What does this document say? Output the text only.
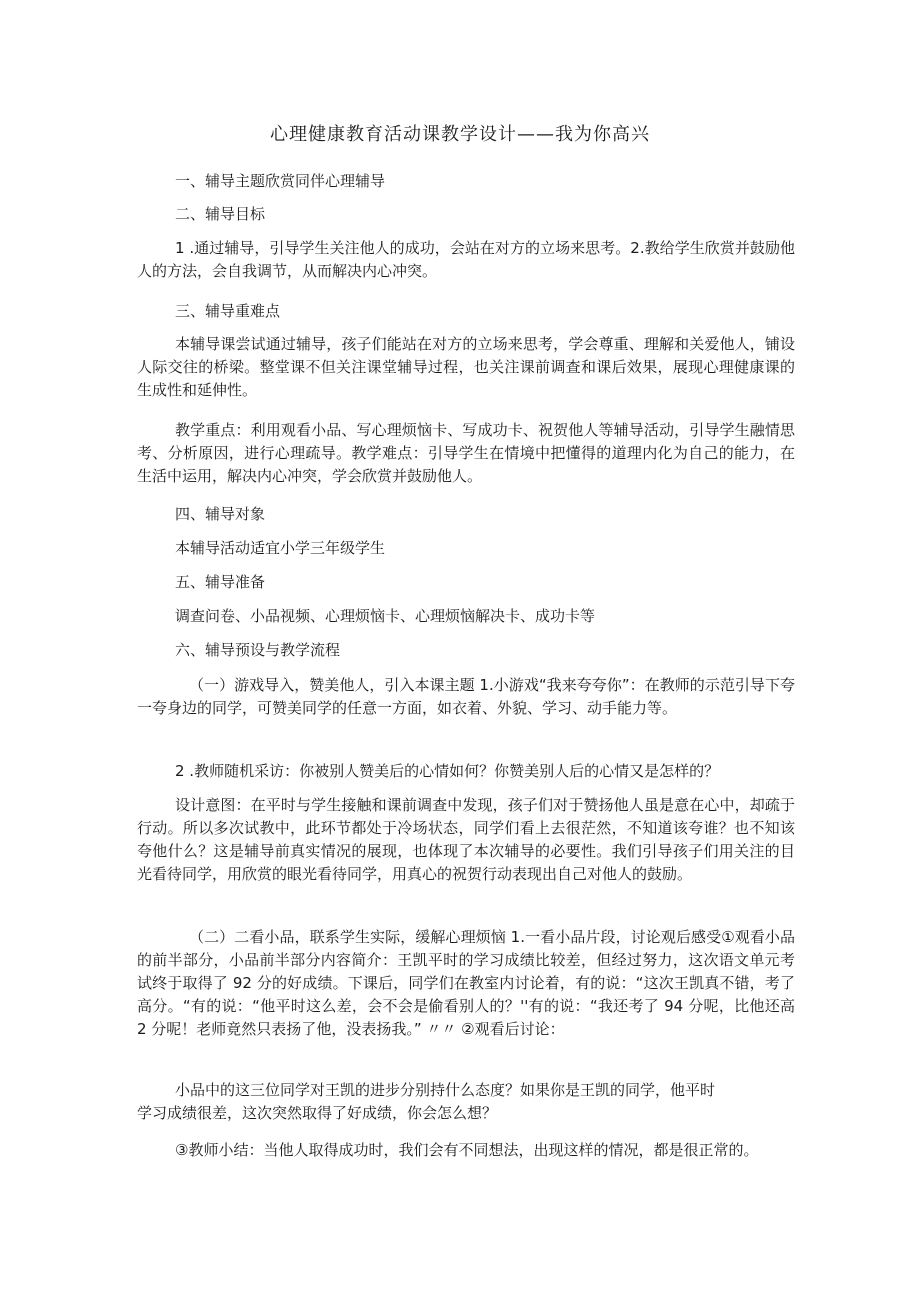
心理健康教育活动课教学设计——我为你高兴
一、辅导主题欣赏同伴心理辅导
二、辅导目标
1 .通过辅导，引导学生关注他人的成功，会站在对方的立场来思考。2.教给学生欣赏并鼓励他人的方法，会自我调节，从而解决内心冲突。
三、辅导重难点
本辅导课尝试通过辅导，孩子们能站在对方的立场来思考，学会尊重、理解和关爱他人，铺设人际交往的桥梁。整堂课不但关注课堂辅导过程，也关注课前调查和课后效果，展现心理健康课的生成性和延伸性。
教学重点：利用观看小品、写心理烦恼卡、写成功卡、祝贺他人等辅导活动，引导学生融情思考、分析原因，进行心理疏导。教学难点：引导学生在情境中把懂得的道理内化为自己的能力，在生活中运用，解决内心冲突，学会欣赏并鼓励他人。
四、辅导对象
本辅导活动适宜小学三年级学生
五、辅导准备
调查问卷、小品视频、心理烦恼卡、心理烦恼解决卡、成功卡等
六、辅导预设与教学流程
（一）游戏导入，赞美他人，引入本课主题 1.小游戏“我来夸夸你”：在教师的示范引导下夸一夸身边的同学，可赞美同学的任意一方面，如衣着、外貌、学习、动手能力等。
2 .教师随机采访：你被别人赞美后的心情如何？你赞美别人后的心情又是怎样的？
设计意图：在平时与学生接触和课前调查中发现，孩子们对于赞扬他人虽是意在心中，却疏于行动。所以多次试教中，此环节都处于冷场状态，同学们看上去很茫然，不知道该夸谁？也不知该夸他什么？这是辅导前真实情况的展现，也体现了本次辅导的必要性。我们引导孩子们用关注的目光看待同学，用欣赏的眼光看待同学，用真心的祝贺行动表现出自己对他人的鼓励。
（二）二看小品，联系学生实际，缓解心理烦恼 1.一看小品片段，讨论观后感受①观看小品的前半部分，小品前半部分内容简介：王凯平时的学习成绩比较差，但经过努力，这次语文单元考试终于取得了 92 分的好成绩。下课后，同学们在教室内讨论着，有的说：“这次王凯真不错，考了高分。“有的说：“他平时这么差，会不会是偷看别人的？''有的说：“我还考了 94 分呢，比他还高 2 分呢！老师竟然只表扬了他，没表扬我。” 〃〃 ②观看后讨论：
小品中的这三位同学对王凯的进步分别持什么态度？如果你是王凯的同学，他平时
学习成绩很差，这次突然取得了好成绩，你会怎么想？
③教师小结：当他人取得成功时，我们会有不同想法，出现这样的情况，都是很正常的。
